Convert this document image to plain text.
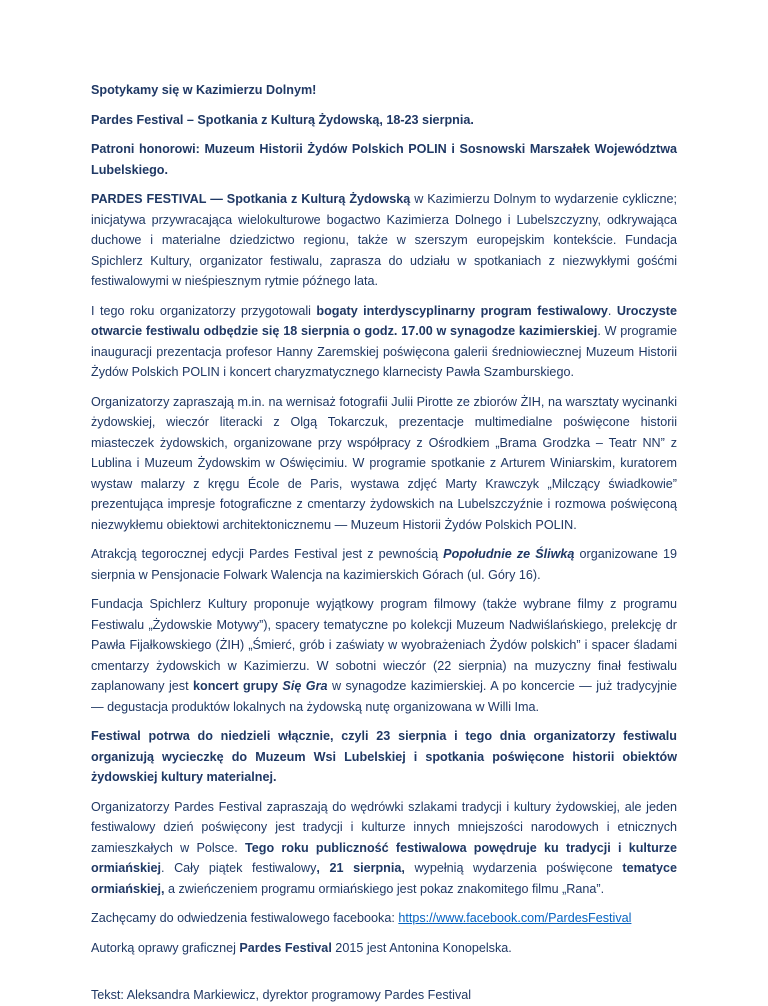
Spotykamy się w Kazimierzu Dolnym!

Pardes Festival – Spotkania z Kulturą Żydowską, 18-23 sierpnia.

Patroni honorowi: Muzeum Historii Żydów Polskich POLIN i Sosnowski Marszałek Województwa Lubelskiego.

PARDES FESTIVAL — Spotkania z Kulturą Żydowską w Kazimierzu Dolnym to wydarzenie cykliczne; inicjatywa przywracająca wielokulturowe bogactwo Kazimierza Dolnego i Lubelszczyzny, odkrywająca duchowe i materialne dziedzictwo regionu, także w szerszym europejskim kontekście. Fundacja Spichlerz Kultury, organizator festiwalu, zaprasza do udziału w spotkaniach z niezwykłymi gośćmi festiwalowymi w nieśpiesznym rytmie późnego lata.

I tego roku organizatorzy przygotowali bogaty interdyscyplinarny program festiwalowy. Uroczyste otwarcie festiwalu odbędzie się 18 sierpnia o godz. 17.00 w synagodze kazimierskiej. W programie inauguracji prezentacja profesor Hanny Zaremskiej poświęcona galerii średniowiecznej Muzeum Historii Żydów Polskich POLIN i koncert charyzmatycznego klarnecisty Pawła Szamburskiego.

Organizatorzy zapraszają m.in. na wernisaż fotografii Julii Pirotte ze zbiorów ŻIH, na warsztaty wycinanki żydowskiej, wieczór literacki z Olgą Tokarczuk, prezentacje multimedialne poświęcone historii miasteczek żydowskich, organizowane przy współpracy z Ośrodkiem „Brama Grodzka – Teatr NN” z Lublina i Muzeum Żydowskim w Oświęcimiu. W programie spotkanie z Arturem Winiarskim, kuratorem wystaw malarzy z kręgu École de Paris, wystawa zdjęć Marty Krawczyk „Milczący świadkowie” prezentująca impresje fotograficzne z cmentarzy żydowskich na Lubelszczyźnie i rozmowa poświęconą niezwykłemu obiektowi architektonicznemu — Muzeum Historii Żydów Polskich POLIN.

Atrakcją tegorocznej edycji Pardes Festival jest z pewnością Popołudnie ze Śliwką organizowane 19 sierpnia w Pensjonacie Folwark Walencja na kazimierskich Górach (ul. Góry 16).

Fundacja Spichlerz Kultury proponuje wyjątkowy program filmowy (także wybrane filmy z programu Festiwalu „Żydowskie Motywy”), spacery tematyczne po kolekcji Muzeum Nadwiślańskiego, prelekcję dr Pawła Fijałkowskiego (ŻIH) „Śmierć, grób i zaświaty w wyobrażeniach Żydów polskich” i spacer śladami cmentarzy żydowskich w Kazimierzu. W sobotni wieczór (22 sierpnia) na muzyczny finał festiwalu zaplanowany jest koncert grupy Się Gra w synagodze kazimierskiej. A po koncercie — już tradycyjnie — degustacja produktów lokalnych na żydowską nutę organizowana w Willi Ima.

Festiwal potrwa do niedzieli włącznie, czyli 23 sierpnia i tego dnia organizatorzy festiwalu organizują wycieczkę do Muzeum Wsi Lubelskiej i spotkania poświęcone historii obiektów żydowskiej kultury materialnej.

Organizatorzy Pardes Festival zapraszają do wędrówki szlakami tradycji i kultury żydowskiej, ale jeden festiwalowy dzień poświęcony jest tradycji i kulturze innych mniejszości narodowych i etnicznych zamieszkałych w Polsce. Tego roku publiczność festiwalowa powędruje ku tradycji i kulturze ormiańskiej. Cały piątek festiwalowy, 21 sierpnia, wypełnią wydarzenia poświęcone tematyce ormiańskiej, a zwieńczeniem programu ormiańskiego jest pokaz znakomitego filmu „Rana”.

Zachęcamy do odwiedzenia festiwalowego facebooka: https://www.facebook.com/PardesFestival

Autorką oprawy graficznej Pardes Festival 2015 jest Antonina Konopelska.

Tekst: Aleksandra Markiewicz, dyrektor programowy Pardes Festival
